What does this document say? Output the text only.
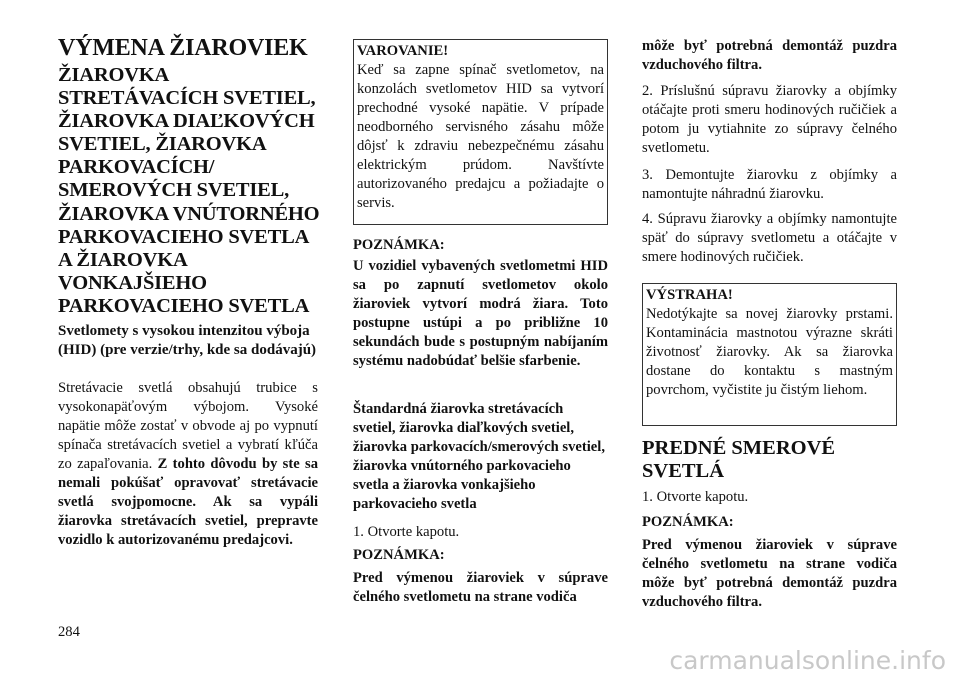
VÝMENA ŽIAROVIEK
ŽIAROVKA STRETÁVACÍCH SVETIEL, ŽIAROVKA DIAĽKOVÝCH SVETIEL, ŽIAROVKA PARKOVACÍCH/ SMEROVÝCH SVETIEL, ŽIAROVKA VNÚTORNÉHO PARKOVACIEHO SVETLA A ŽIAROVKA VONKAJŠIEHO PARKOVACIEHO SVETLA
Svetlomety s vysokou intenzitou výboja (HID) (pre verzie/trhy, kde sa dodávajú)

Stretávacie svetlá obsahujú trubice s vysokonapäťovým výbojom. Vysoké napätie môže zostať v obvode aj po vypnutí spínača stretávacích svetiel a vybratí kľúča zo zapaľovania. Z tohto dôvodu by ste sa nemali pokúšať opravovať stretávacie svetlá svojpomocne. Ak sa vypáli žiarovka stretávacích svetiel, prepravte vozidlo k autorizovanému predajcovi.

VAROVANIE!

Keď sa zapne spínač svetlometov, na konzolách svetlometov HID sa vytvorí prechodné vysoké napätie. V prípade neodborného servisného zásahu môže dôjsť k zdraviu nebezpečnému zásahu elektrickým prúdom. Navštívte autorizovaného predajcu a požiadajte o servis.

POZNÁMKA:

U vozidiel vybavených svetlometmi HID sa po zapnutí svetlometov okolo žiaroviek vytvorí modrá žiara. Toto postupne ustúpi a po približne 10 sekundách bude s postupným nabíjaním systému nadobúdať belšie sfarbenie.

Štandardná žiarovka stretávacích svetiel, žiarovka diaľkových svetiel, žiarovka parkovacích/smerových svetiel, žiarovka vnútorného parkovacieho svetla a žiarovka vonkajšieho parkovacieho svetla

1. Otvorte kapotu.

POZNÁMKA:

Pred výmenou žiaroviek v súprave čelného svetlometu na strane vodiča

môže byť potrebná demontáž puzdra vzduchového filtra.

2. Príslušnú súpravu žiarovky a objímky otáčajte proti smeru hodinových ručičiek a potom ju vytiahnite zo súpravy čelného svetlometu.

3. Demontujte žiarovku z objímky a namontujte náhradnú žiarovku.

4. Súpravu žiarovky a objímky namontujte späť do súpravy svetlometu a otáčajte v smere hodinových ručičiek.

VÝSTRAHA!

Nedotýkajte sa novej žiarovky prstami. Kontaminácia mastnotou výrazne skráti životnosť žiarovky. Ak sa žiarovka dostane do kontaktu s mastným povrchom, vyčistite ju čistým liehom.

PREDNÉ SMEROVÉ SVETLÁ

1. Otvorte kapotu.

POZNÁMKA:

Pred výmenou žiaroviek v súprave čelného svetlometu na strane vodiča môže byť potrebná demontáž puzdra vzduchového filtra.

284
carmanualsonline.info
